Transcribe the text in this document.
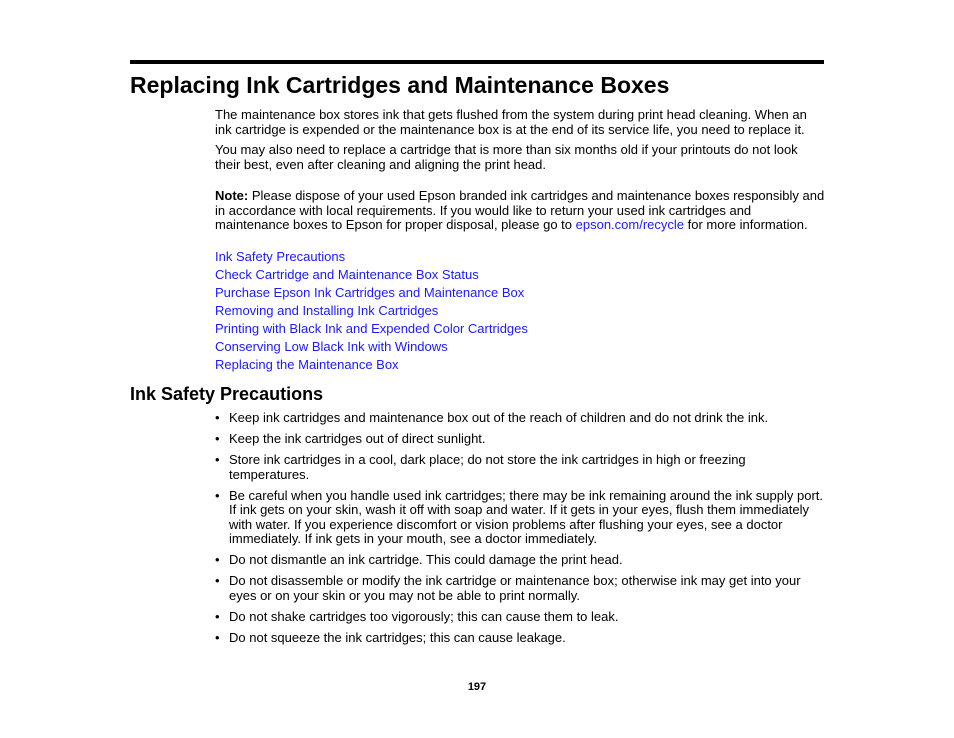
Replacing Ink Cartridges and Maintenance Boxes
The maintenance box stores ink that gets flushed from the system during print head cleaning. When an ink cartridge is expended or the maintenance box is at the end of its service life, you need to replace it.
You may also need to replace a cartridge that is more than six months old if your printouts do not look their best, even after cleaning and aligning the print head.
Note: Please dispose of your used Epson branded ink cartridges and maintenance boxes responsibly and in accordance with local requirements. If you would like to return your used ink cartridges and maintenance boxes to Epson for proper disposal, please go to epson.com/recycle for more information.
Ink Safety Precautions
Check Cartridge and Maintenance Box Status
Purchase Epson Ink Cartridges and Maintenance Box
Removing and Installing Ink Cartridges
Printing with Black Ink and Expended Color Cartridges
Conserving Low Black Ink with Windows
Replacing the Maintenance Box
Ink Safety Precautions
• Keep ink cartridges and maintenance box out of the reach of children and do not drink the ink.
• Keep the ink cartridges out of direct sunlight.
• Store ink cartridges in a cool, dark place; do not store the ink cartridges in high or freezing temperatures.
• Be careful when you handle used ink cartridges; there may be ink remaining around the ink supply port. If ink gets on your skin, wash it off with soap and water. If it gets in your eyes, flush them immediately with water. If you experience discomfort or vision problems after flushing your eyes, see a doctor immediately. If ink gets in your mouth, see a doctor immediately.
• Do not dismantle an ink cartridge. This could damage the print head.
• Do not disassemble or modify the ink cartridge or maintenance box; otherwise ink may get into your eyes or on your skin or you may not be able to print normally.
• Do not shake cartridges too vigorously; this can cause them to leak.
• Do not squeeze the ink cartridges; this can cause leakage.
197
